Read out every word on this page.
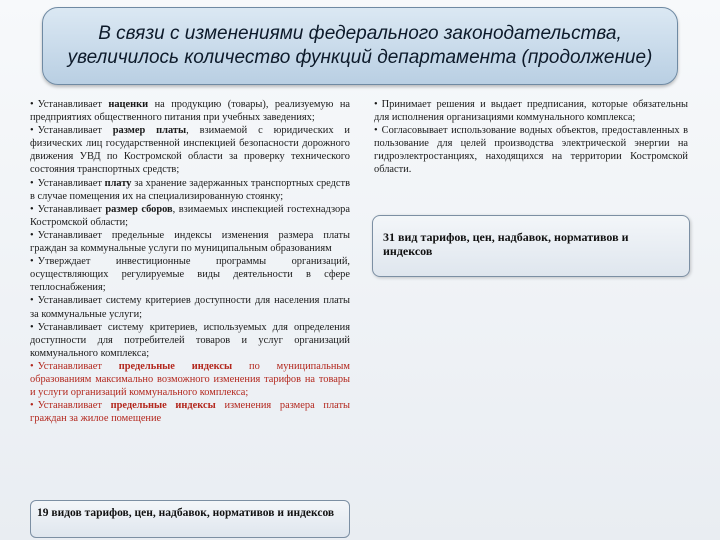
В связи с изменениями федерального законодательства,
увеличилось количество функций департамента (продолжение)

• Устанавливает наценки на продукцию (товары), реализуемую на предприятиях общественного питания при учебных заведениях;

• Устанавливает размер платы, взимаемой с юридических и физических лиц государственной инспекцией безопасности дорожного движения УВД по Костромской области за проверку технического состояния транспортных средств;

• Устанавливает плату за хранение задержанных транспортных средств в случае помещения их на специализированную стоянку;

• Устанавливает размер сборов, взимаемых инспекцией гостехнадзора Костромской области;

• Устанавливает предельные индексы изменения размера платы граждан за коммунальные услуги по муниципальным образованиям

• Утверждает инвестиционные программы организаций, осуществляющих регулируемые виды деятельности в сфере теплоснабжения;

• Устанавливает систему критериев доступности для населения платы за коммунальные услуги;

• Устанавливает систему критериев, используемых для определения доступности для потребителей товаров и услуг организаций коммунального комплекса;

• Устанавливает предельные индексы по муниципальным образованиям максимально возможного изменения тарифов на товары и услуги организаций коммунального комплекса;

• Устанавливает предельные индексы изменения размера платы граждан за жилое помещение

• Принимает решения и выдает предписания, которые обязательны для исполнения организациями коммунального комплекса;

• Согласовывает использование водных объектов, предоставленных в пользование для целей производства электрической энергии на гидроэлектростанциях, находящихся на территории Костромской области.

19 видов тарифов, цен, надбавок, нормативов и индексов
31 вид тарифов, цен, надбавок, нормативов и индексов
